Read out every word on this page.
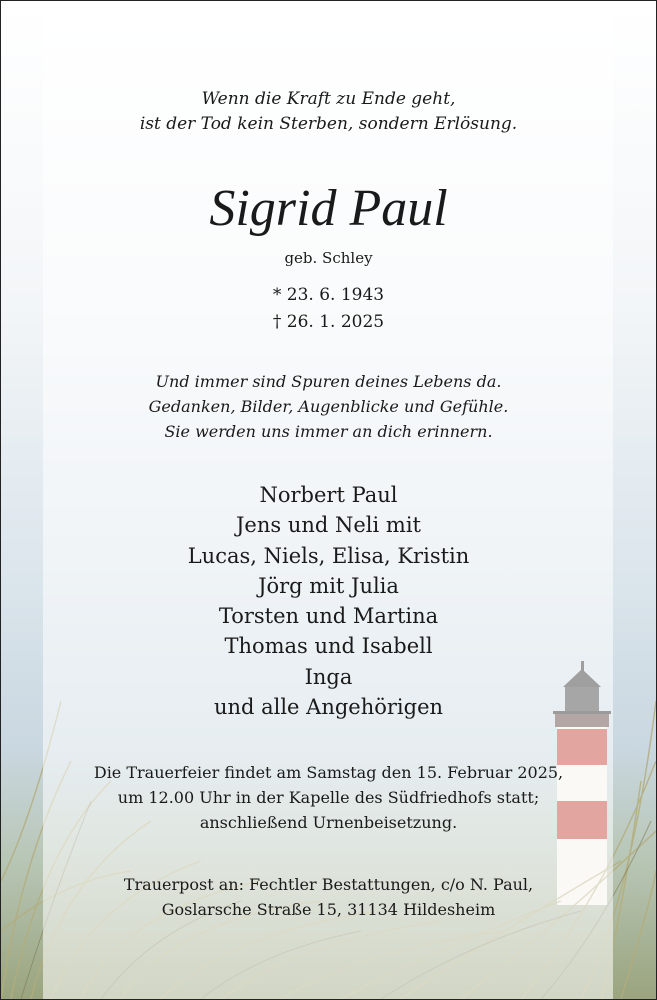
Wenn die Kraft zu Ende geht,
ist der Tod kein Sterben, sondern Erlösung.
Sigrid Paul
geb. Schley
* 23. 6. 1943
† 26. 1. 2025
Und immer sind Spuren deines Lebens da.
Gedanken, Bilder, Augenblicke und Gefühle.
Sie werden uns immer an dich erinnern.
Norbert Paul
Jens und Neli mit
Lucas, Niels, Elisa, Kristin
Jörg mit Julia
Torsten und Martina
Thomas und Isabell
Inga
und alle Angehörigen
Die Trauerfeier findet am Samstag den 15. Februar 2025,
um 12.00 Uhr in der Kapelle des Südfriedhofs statt;
anschließend Urnenbeisetzung.
Trauerpost an: Fechtler Bestattungen, c/o N. Paul,
Goslarsche Straße 15, 31134 Hildesheim
